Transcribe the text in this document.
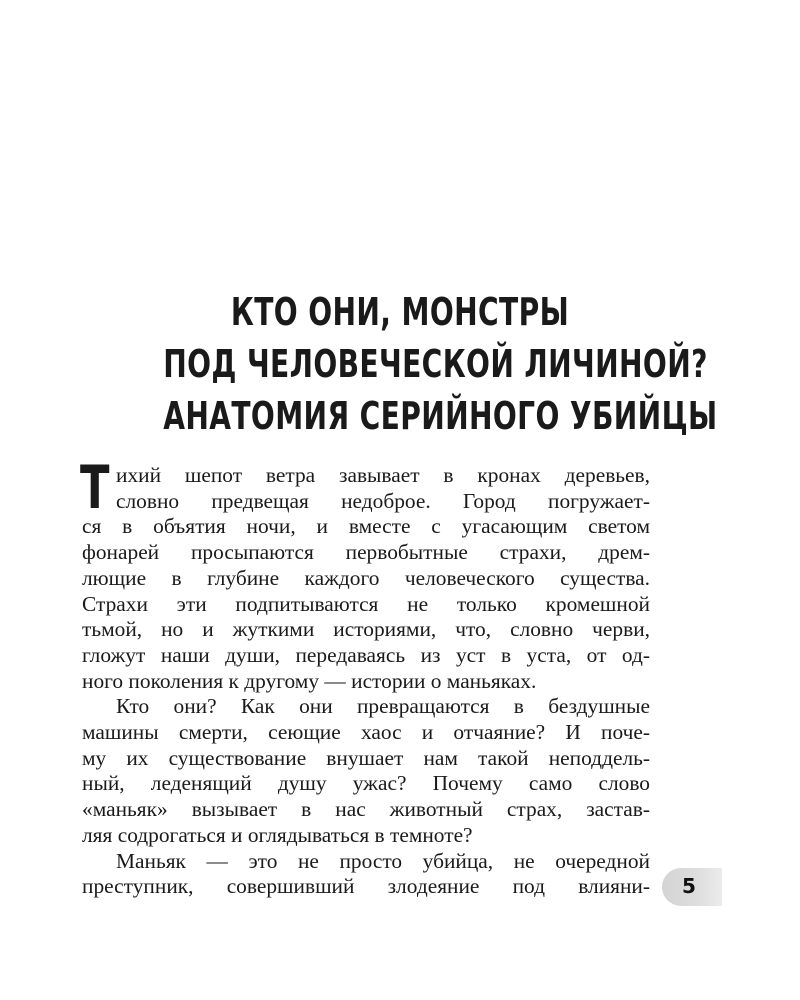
КТО ОНИ, МОНСТРЫ
ПОД ЧЕЛОВЕЧЕСКОЙ ЛИЧИНОЙ?
АНАТОМИЯ СЕРИЙНОГО УБИЙЦЫ
Т ихий шепот ветра завывает в кронах деревьев,
словно предвещая недоброе. Город погружает-
ся в объятия ночи, и вместе с угасающим светом
фонарей просыпаются первобытные страхи, дрем-
лющие в глубине каждого человеческого существа.
Страхи эти подпитываются не только кромешной
тьмой, но и жуткими историями, что, словно черви,
гложут наши души, передаваясь из уст в уста, от од-
ного поколения к другому — истории о маньяках.
Кто они? Как они превращаются в бездушные
машины смерти, сеющие хаос и отчаяние? И поче-
му их существование внушает нам такой неподдель-
ный, леденящий душу ужас? Почему само слово
«маньяк» вызывает в нас животный страх, застав-
ляя содрогаться и оглядываться в темноте?
Маньяк — это не просто убийца, не очередной
преступник, совершивший злодеяние под влияни- 5
